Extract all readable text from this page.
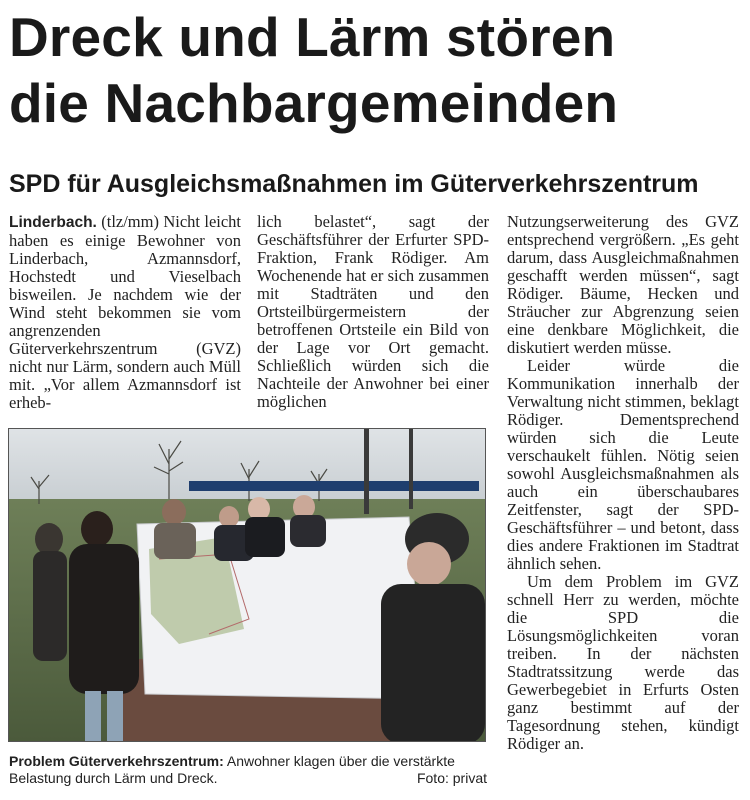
Dreck und Lärm stören
die Nachbargemeinden
SPD für Ausgleichsmaßnahmen im Güterverkehrszentrum

Linderbach. (tlz/mm) Nicht leicht haben es einige Bewohner von Linderbach, Azmannsdorf, Hochstedt und Vieselbach bisweilen. Je nachdem wie der Wind steht bekommen sie vom angrenzenden Güterverkehrszentrum (GVZ) nicht nur Lärm, sondern auch Müll mit. „Vor allem Azmannsdorf ist erheb-

lich belastet“, sagt der Geschäftsführer der Erfurter SPD-Fraktion, Frank Rödiger. Am Wochenende hat er sich zusammen mit Stadträten und den Ortsteilbürgermeistern der betroffenen Ortsteile ein Bild von der Lage vor Ort gemacht. Schließlich würden sich die Nachteile der Anwohner bei einer möglichen

Nutzungserweiterung des GVZ entsprechend vergrößern. „Es geht darum, dass Ausgleichmaßnahmen geschafft werden müssen“, sagt Rödiger. Bäume, Hecken und Sträucher zur Abgrenzung seien eine denkbare Möglichkeit, die diskutiert werden müsse.

Leider würde die Kommunikation innerhalb der Verwaltung nicht stimmen, beklagt Rödiger. Dementsprechend würden sich die Leute verschaukelt fühlen. Nötig seien sowohl Ausgleichsmaßnahmen als auch ein überschaubares Zeitfenster, sagt der SPD-Geschäftsführer – und betont, dass dies andere Fraktionen im Stadtrat ähnlich sehen.

Um dem Problem im GVZ schnell Herr zu werden, möchte die SPD die Lösungsmöglichkeiten voran treiben. In der nächsten Stadtratssitzung werde das Gewerbegebiet in Erfurts Osten ganz bestimmt auf der Tagesordnung stehen, kündigt Rödiger an.

Problem Güterverkehrszentrum: Anwohner klagen über die verstärkte Belastung durch Lärm und Dreck.	Foto: privat
